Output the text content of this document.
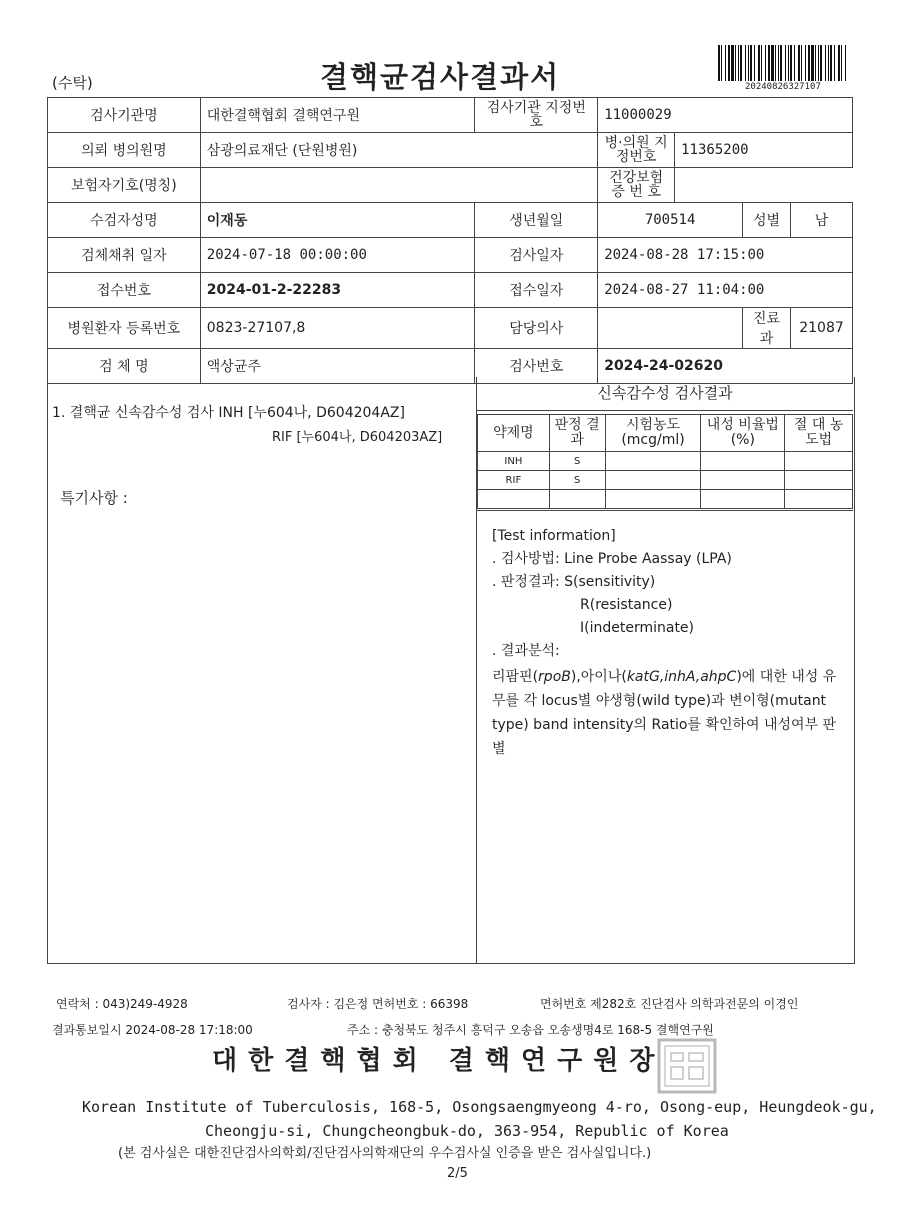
(수탁)	결핵균검사결과서	20240826327107
검사기관명	대한결핵협회 결핵연구원	검사기관 지정번호	11000029			
의뢰 병의원명	삼광의료재단 (단원병원)		병·의원 지정번호	11365200		
보험자기호(명칭)			건강보험 증 번 호			
수검자성명	이재동	생년월일	700514		성별	남
검체채취 일자	2024-07-18 00:00:00	검사일자	2024-08-28 17:15:00			
접수번호	2024-01-2-22283	접수일자	2024-08-27 11:04:00			
병원환자 등록번호	0823-27107,8	담당의사			진료과	21087
검 체 명	액상균주	검사번호	2024-24-02620			
1. 결핵균 신속감수성 검사 INH [누604나, D604204AZ]
RIF [누604나, D604203AZ]
특기사항 :
신속감수성 검사결과
약제명	판정 결과	시험농도 (mcg/ml)	내성 비율법(%)	절 대 농도법
INH	S			
RIF	S			

[Test information]
. 검사방법: Line Probe Aassay (LPA)
. 판정결과: S(sensitivity)
R(resistance)
I(indeterminate)
. 결과분석:
리팜핀(rpoB),아이나(katG,inhA,ahpC)에 대한 내성 유무를 각 locus별 야생형(wild type)과 변이형(mutant type) band intensity의 Ratio를 확인하여 내성여부 판별
연락처 : 043)249-4928	검사자 : 김은정 면허번호 : 66398	면허번호 제282호 진단검사 의학과전문의 이경인
결과통보일시 2024-08-28 17:18:00	주소 : 충청북도 청주시 흥덕구 오송읍 오송생명4로 168-5 결핵연구원
대한결핵협회 결핵연구원장
Korean Institute of Tuberculosis, 168-5, Osongsaengmyeong 4-ro, Osong-eup, Heungdeok-gu,
Cheongju-si, Chungcheongbuk-do, 363-954, Republic of Korea
(본 검사실은 대한진단검사의학회/진단검사의학재단의 우수검사실 인증을 받은 검사실입니다.)
2/5
